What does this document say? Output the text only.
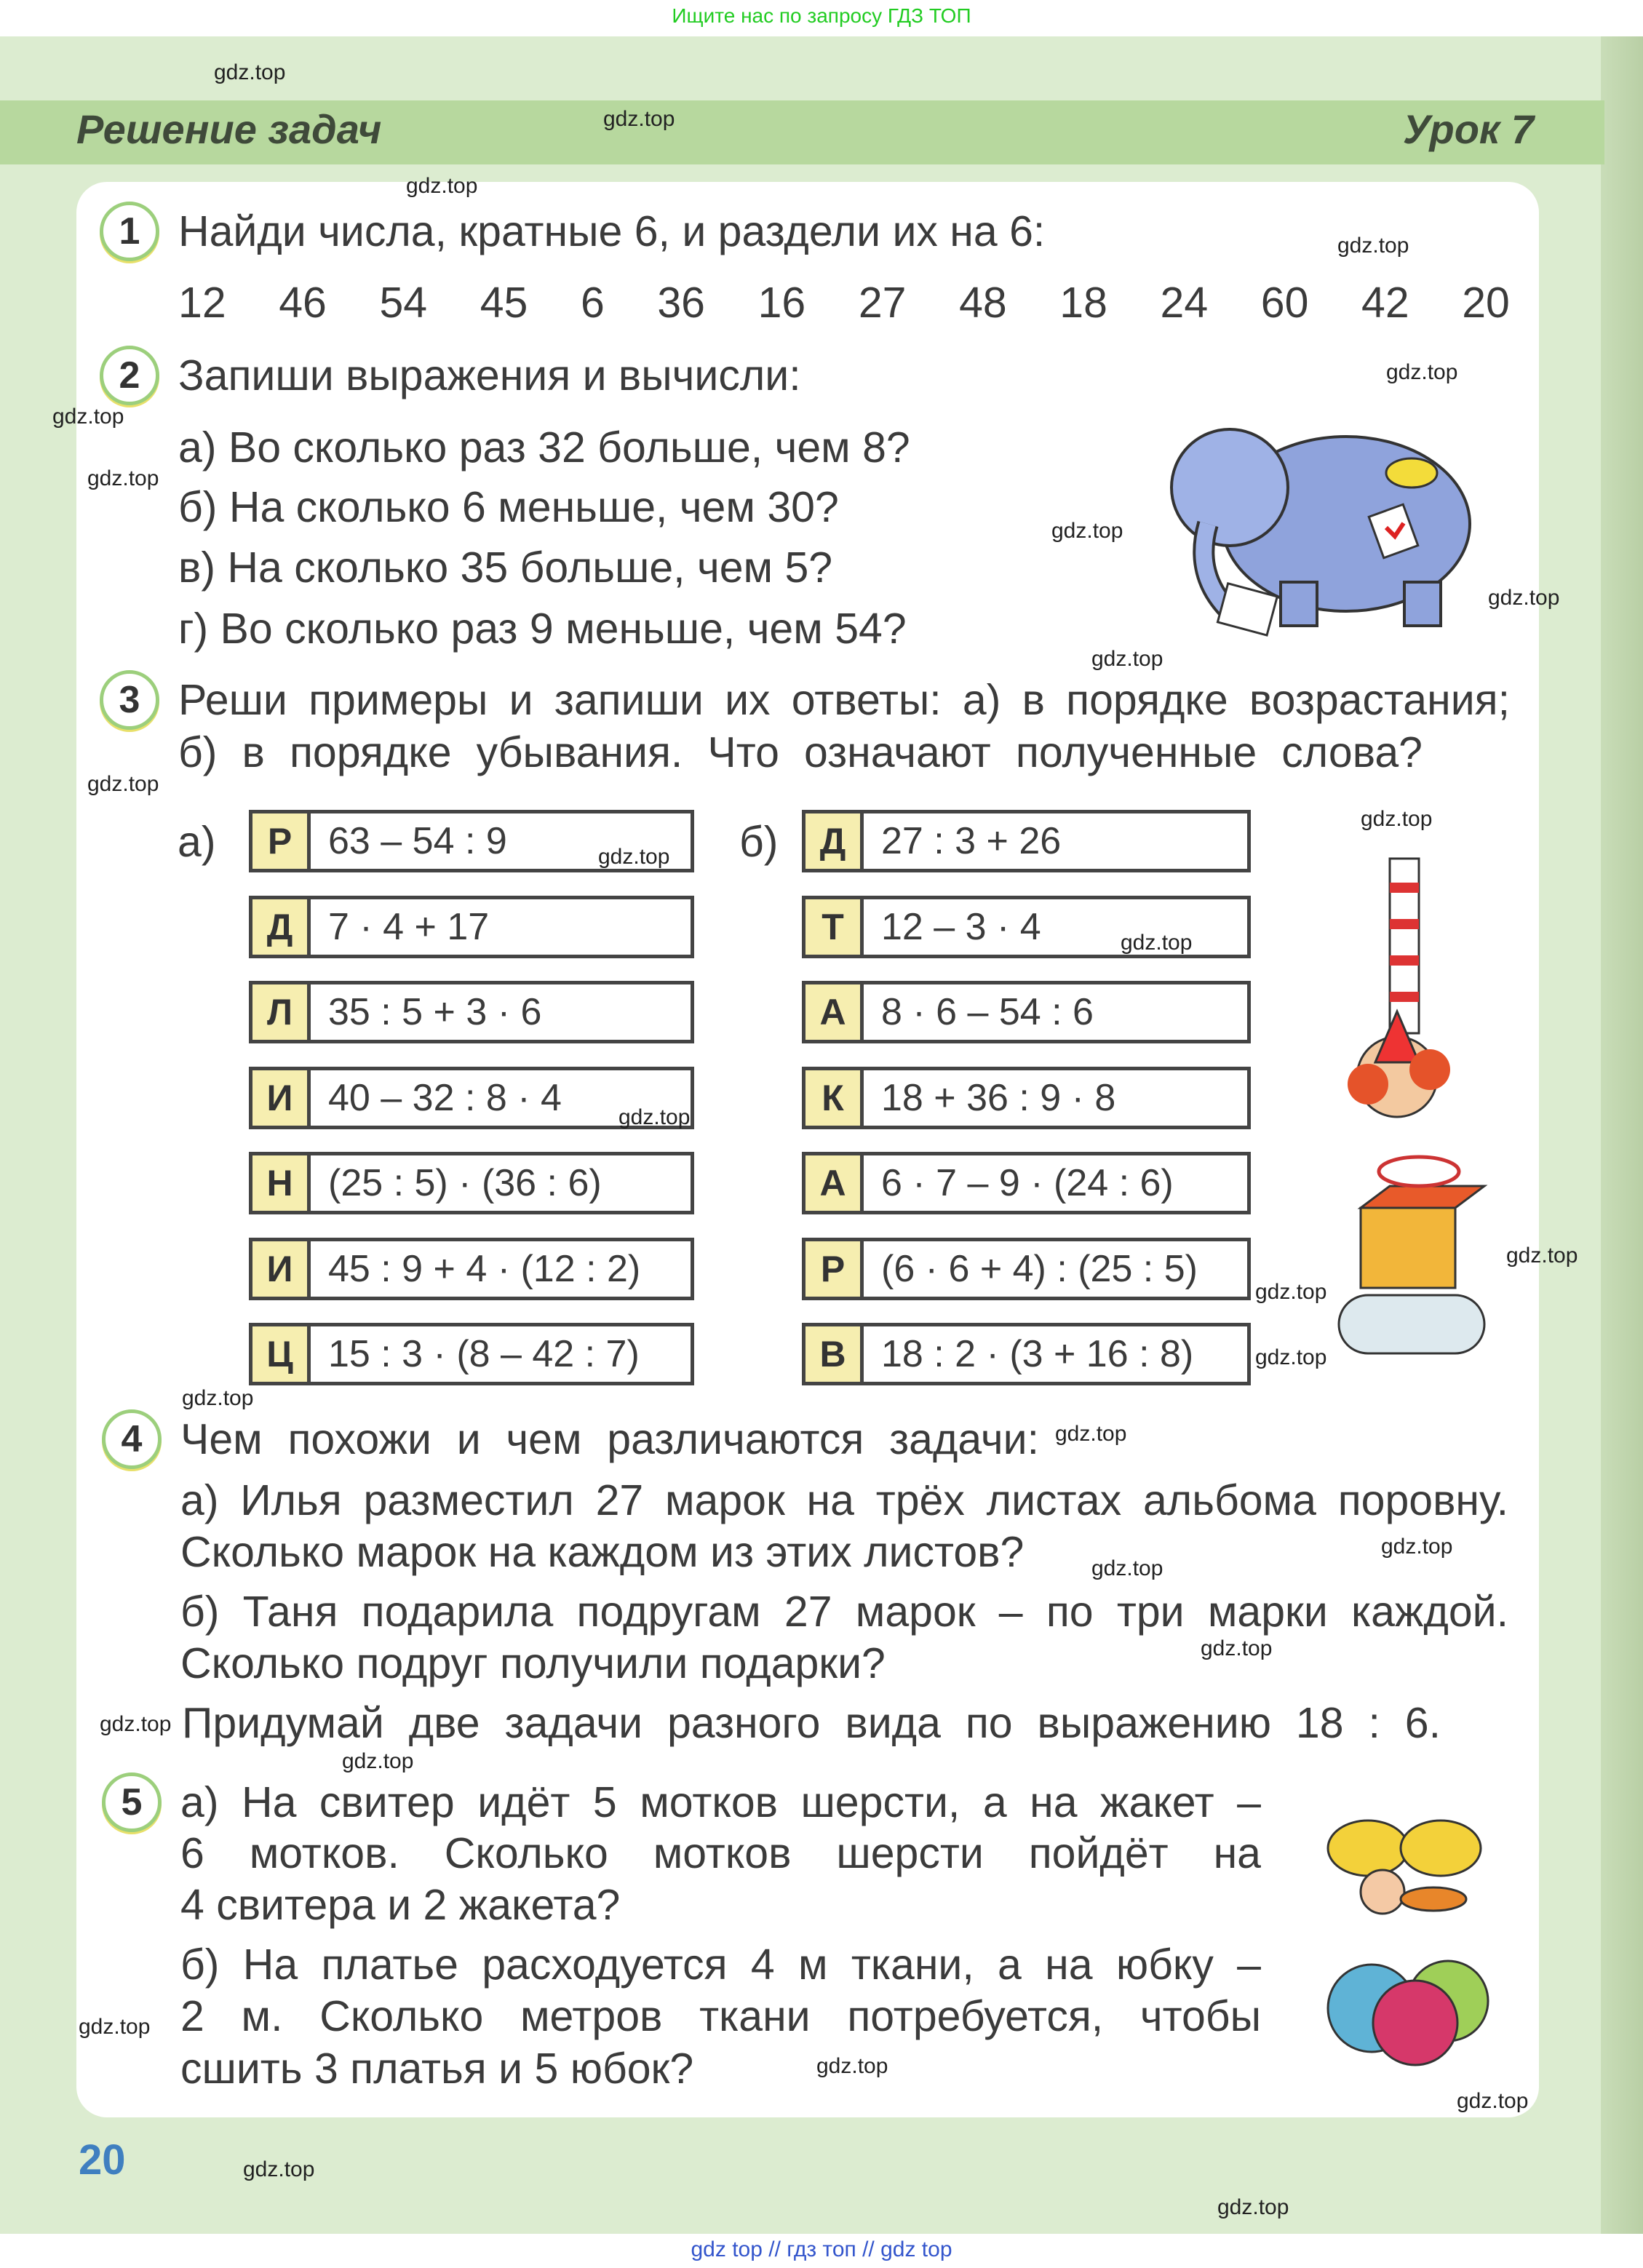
Ищите нас по запросу ГДЗ ТОП
Решение задач	Урок 7
1 Найди числа, кратные 6, и раздели их на 6:
12 46 54 45 6 36 16 27 48 18 24 60 42 20
2 Запиши выражения и вычисли:
а) Во сколько раз 32 больше, чем 8?
б) На сколько 6 меньше, чем 30?
в) На сколько 35 больше, чем 5?
г) Во сколько раз 9 меньше, чем 54?
3 Реши примеры и запиши их ответы: а) в порядке возрастания;
б) в порядке убывания. Что означают полученные слова?
а)	б)
Р 63 – 54 : 9
Д 7 · 4 + 17
Л 35 : 5 + 3 · 6
И 40 – 32 : 8 · 4
Н (25 : 5) · (36 : 6)
И 45 : 9 + 4 · (12 : 2)
Ц 15 : 3 · (8 – 42 : 7)
Д 27 : 3 + 26
Т 12 – 3 · 4
А 8 · 6 – 54 : 6
К 18 + 36 : 9 · 8
А 6 · 7 – 9 · (24 : 6)
Р (6 · 6 + 4) : (25 : 5)
В 18 : 2 · (3 + 16 : 8)
4 Чем похожи и чем различаются задачи:
а) Илья разместил 27 марок на трёх листах альбома поровну.
Сколько марок на каждом из этих листов?
б) Таня подарила подругам 27 марок – по три марки каждой.
Сколько подруг получили подарки?
Придумай две задачи разного вида по выражению 18 : 6.
5 а) На свитер идёт 5 мотков шерсти, а на жакет –
6 мотков. Сколько мотков шерсти пойдёт на
4 свитера и 2 жакета?
б) На платье расходуется 4 м ткани, а на юбку –
2 м. Сколько метров ткани потребуется, чтобы
сшить 3 платья и 5 юбок?
20
gdz top // гдз топ // gdz top
gdz.top
gdz.top
gdz.top
gdz.top
gdz.top
gdz.top
gdz.top
gdz.top
gdz.top
gdz.top
gdz.top
gdz.top
gdz.top
gdz.top
gdz.top
gdz.top
gdz.top
gdz.top
gdz.top
gdz.top
gdz.top
gdz.top
gdz.top
gdz.top
gdz.top
gdz.top
gdz.top
gdz.top
gdz.top
gdz.top
